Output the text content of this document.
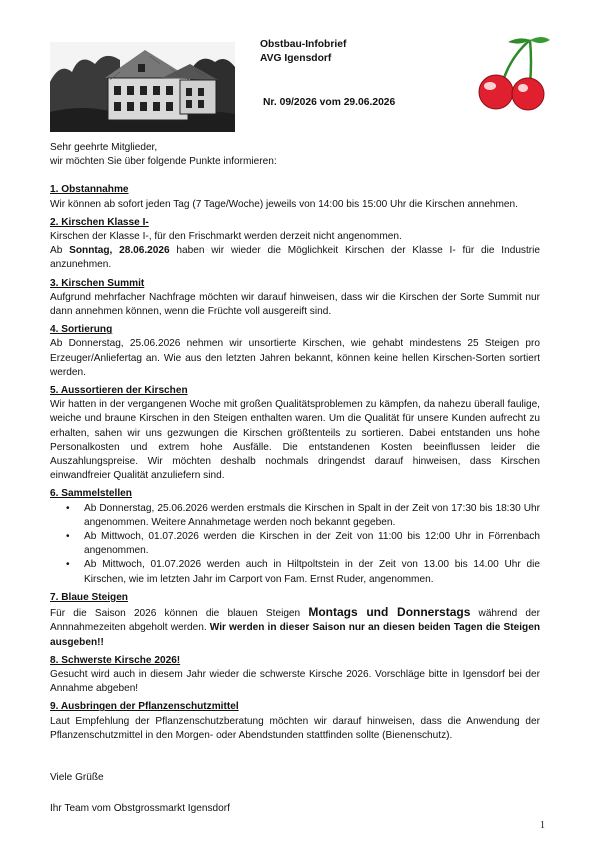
Obstbau-Infobrief
AVG Igensdorf
Nr. 09/2026 vom 29.06.2026

Sehr geehrte Mitglieder,

wir möchten Sie über folgende Punkte informieren:

1. Obstannahme

Wir können ab sofort jeden Tag (7 Tage/Woche) jeweils von 14:00 bis 15:00 Uhr die Kirschen annehmen.

2. Kirschen Klasse I-

Kirschen der Klasse I-, für den Frischmarkt werden derzeit nicht angenommen.

Ab Sonntag, 28.06.2026 haben wir wieder die Möglichkeit Kirschen der Klasse I- für die Industrie anzunehmen.

3. Kirschen Summit

Aufgrund mehrfacher Nachfrage möchten wir darauf hinweisen, dass wir die Kirschen der Sorte Summit nur dann annehmen können, wenn die Früchte voll ausgereift sind.

4. Sortierung

Ab Donnerstag, 25.06.2026 nehmen wir unsortierte Kirschen, wie gehabt mindestens 25 Steigen pro Erzeuger/Anliefertag an. Wie aus den letzten Jahren bekannt, können keine hellen Kirschen-Sorten sortiert werden.

5. Aussortieren der Kirschen

Wir hatten in der vergangenen Woche mit großen Qualitätsproblemen zu kämpfen, da nahezu überall faulige, weiche und braune Kirschen in den Steigen enthalten waren. Um die Qualität für unsere Kunden aufrecht zu erhalten, sahen wir uns gezwungen die Kirschen größtenteils zu sortieren. Dabei entstanden uns hohe Personalkosten und extrem hohe Ausfälle. Die entstandenen Kosten beeinflussen leider die Auszahlungspreise. Wir möchten deshalb nochmals dringendst darauf hinweisen, dass Kirschen einwandfreier Qualität anzuliefern sind.

6. Sammelstellen

•	Ab Donnerstag, 25.06.2026 werden erstmals die Kirschen in Spalt in der Zeit von 17:30 bis 18:30 Uhr angenommen. Weitere Annahmetage werden noch bekannt gegeben.
•	Ab Mittwoch, 01.07.2026 werden die Kirschen in der Zeit von 11:00 bis 12:00 Uhr in Förrenbach angenommen.
•	Ab Mittwoch, 01.07.2026 werden auch in Hiltpoltstein in der Zeit von 13.00 bis 14.00 Uhr die Kirschen, wie im letzten Jahr im Carport von Fam. Ernst Ruder, angenommen.

7. Blaue Steigen

Für die Saison 2026 können die blauen Steigen Montags und Donnerstags während der Annnahmezeiten abgeholt werden. Wir werden in dieser Saison nur an diesen beiden Tagen die Steigen ausgeben!!

8. Schwerste Kirsche 2026!

Gesucht wird auch in diesem Jahr wieder die schwerste Kirsche 2026. Vorschläge bitte in Igensdorf bei der Annahme abgeben!

9. Ausbringen der Pflanzenschutzmittel

Laut Empfehlung der Pflanzenschutzberatung möchten wir darauf hinweisen, dass die Anwendung der Pflanzenschutzmittel in den Morgen- oder Abendstunden stattfinden sollte (Bienenschutz).

Viele Grüße
Ihr Team vom Obstgrossmarkt Igensdorf
1
